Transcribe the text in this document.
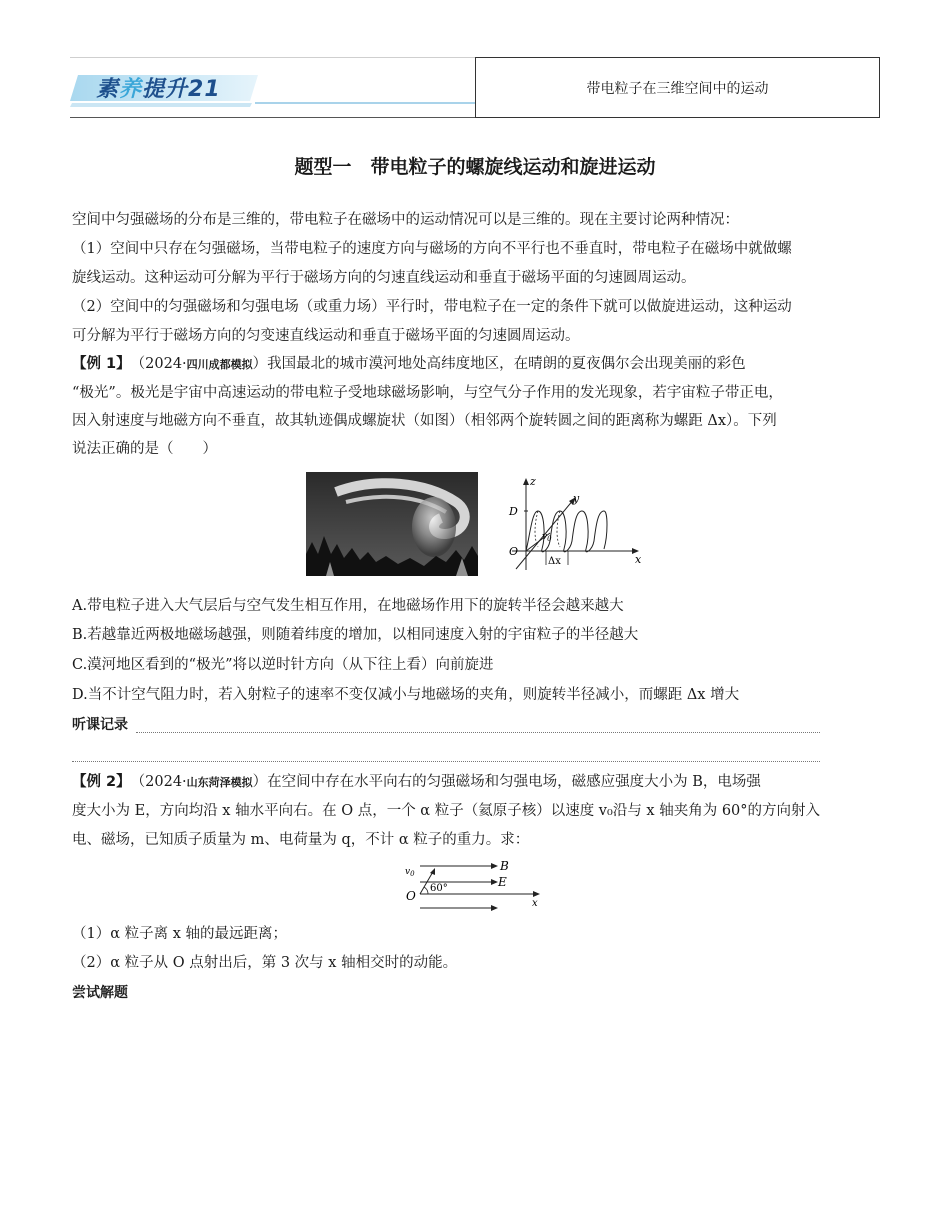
素养提升21	带电粒子在三维空间中的运动
题型一　带电粒子的螺旋线运动和旋进运动

空间中匀强磁场的分布是三维的，带电粒子在磁场中的运动情况可以是三维的。现在主要讨论两种情况：

（1）空间中只存在匀强磁场，当带电粒子的速度方向与磁场的方向不平行也不垂直时，带电粒子在磁场中就做螺

旋线运动。这种运动可分解为平行于磁场方向的匀速直线运动和垂直于磁场平面的匀速圆周运动。

（2）空间中的匀强磁场和匀强电场（或重力场）平行时，带电粒子在一定的条件下就可以做旋进运动，这种运动

可分解为平行于磁场方向的匀变速直线运动和垂直于磁场平面的匀速圆周运动。

【例 1】　 （2024·四川成都模拟）我国最北的城市漠河地处高纬度地区，在晴朗的夏夜偶尔会出现美丽的彩色

“极光”。极光是宇宙中高速运动的带电粒子受地球磁场影响，与空气分子作用的发光现象，若宇宙粒子带正电，

因入射速度与地磁方向不垂直，故其轨迹偶成螺旋状（如图）（相邻两个旋转圆之间的距离称为螺距 Δx）。下列

说法正确的是（　　）

z
x
y
D
O
$v_0$
Δx

A.带电粒子进入大气层后与空气发生相互作用，在地磁场作用下的旋转半径会越来越大

B.若越靠近两极地磁场越强，则随着纬度的增加，以相同速度入射的宇宙粒子的半径越大

C.漠河地区看到的“极光”将以逆时针方向（从下往上看）向前旋进

D.当不计空气阻力时，若入射粒子的速率不变仅减小与地磁场的夹角，则旋转半径减小，而螺距 Δx 增大

听课记录

【例 2】　 （2024·山东菏泽模拟）在空间中存在水平向右的匀强磁场和匀强电场，磁感应强度大小为 B，电场强

度大小为 E，方向均沿 x 轴水平向右。在 O 点，一个 α 粒子（氦原子核）以速度 v₀沿与 x 轴夹角为 60°的方向射入

电、磁场，已知质子质量为 m、电荷量为 q，不计 α 粒子的重力。求：

B
E
x
O
$v_0$
60°

（1）α 粒子离 x 轴的最远距离；

（2）α 粒子从 O 点射出后，第 3 次与 x 轴相交时的动能。

尝试解题
